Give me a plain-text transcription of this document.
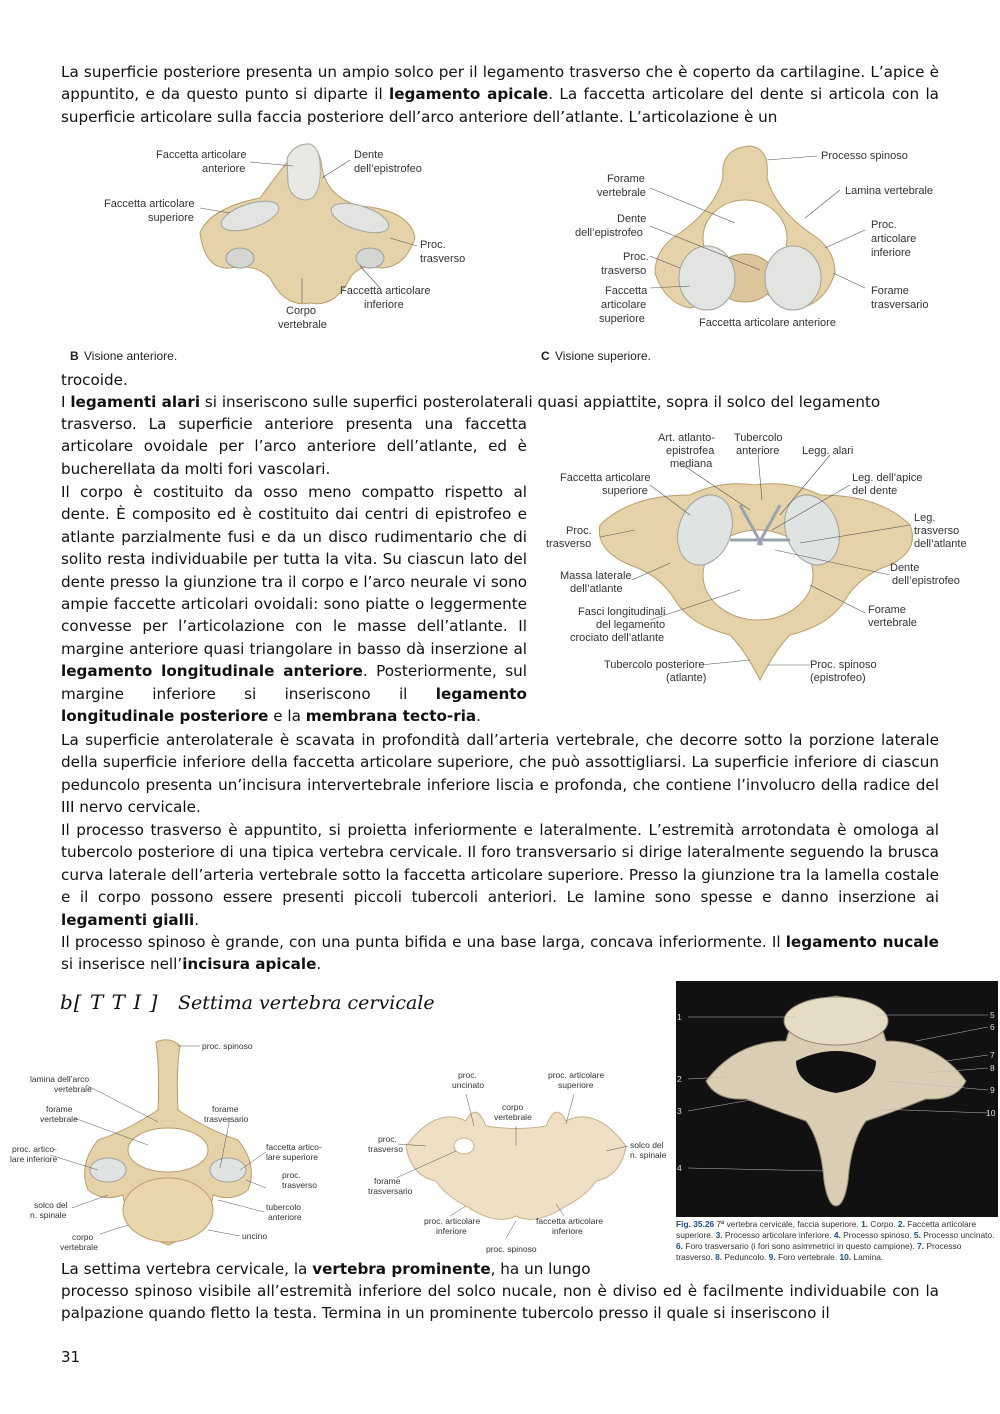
La superficie posteriore presenta un ampio solco per il legamento trasverso che è coperto da cartilagine. L’apice è appuntito, e da questo punto si diparte il legamento apicale. La faccetta articolare del dente si articola con la superficie articolare sulla faccia posteriore dell’arco anteriore dell’atlante. L’articolazione è un

Faccetta articolare
anteriore
Dente
dell’epistrofeo
Faccetta articolare
superiore
Proc.
trasverso
Faccetta articolare
inferiore
Corpo
vertebrale
B Visione anteriore.
Forame
vertebrale
Dente
dell’epistrofeo
Proc.
trasverso
Faccetta
articolare
superiore
Processo spinoso
Lamina vertebrale
Proc.
articolare
inferiore
Forame
trasversario
Faccetta articolare anteriore
C Visione superiore.

trocoide.

I legamenti alari si inseriscono sulle superfici posterolaterali quasi appiattite, sopra il solco del legamento

trasverso. La superficie anteriore presenta una faccetta articolare ovoidale per l’arco anteriore dell’atlante, ed è bucherellata da molti fori vascolari.

Il corpo è costituito da osso meno compatto rispetto al dente. È composito ed è costituito dai centri di epistrofeo e atlante parzialmente fusi e da un disco rudimentario che di solito resta individuabile per tutta la vita. Su ciascun lato del dente presso la giunzione tra il corpo e l’arco neurale vi sono ampie faccette articolari ovoidali: sono piatte o leggermente convesse per l’articolazione con le masse dell’atlante. Il margine anteriore quasi triangolare in basso dà inserzione al legamento longitudinale anteriore. Posteriormente, sul margine inferiore si inseriscono il legamento longitudinale posteriore e la membrana tecto-ria.

Art. atlanto-
epistrofea
mediana
Tubercolo
anteriore Legg. alari
Faccetta articolare
superiore
Leg. dell’apice
del dente
Leg.
trasverso
dell’atlante
Proc.
trasverso
Massa laterale
dell’atlante
Dente
dell’epistrofeo
Fasci longitudinali
del legamento
crociato dell’atlante
Forame
vertebrale
Tubercolo posteriore
(atlante)
Proc. spinoso
(epistrofeo)

La superficie anterolaterale è scavata in profondità dall’arteria vertebrale, che decorre sotto la porzione laterale della superficie inferiore della faccetta articolare superiore, che può assottigliarsi. La superficie inferiore di ciascun peduncolo presenta un’incisura intervertebrale inferiore liscia e profonda, che contiene l’involucro della radice del III nervo cervicale.

Il processo trasverso è appuntito, si proietta inferiormente e lateralmente. L’estremità arrotondata è omologa al tubercolo posteriore di una tipica vertebra cervicale. Il foro transversario si dirige lateralmente seguendo la brusca curva laterale dell’arteria vertebrale sotto la faccetta articolare superiore. Presso la giunzione tra la lamella costale e il corpo possono essere presenti piccoli tubercoli anteriori. Le lamine sono spesse e danno inserzione ai legamenti gialli.

Il processo spinoso è grande, con una punta bifida e una base larga, concava inferiormente. Il legamento nucale si inserisce nell’incisura apicale.

b[ T T I ] Settima vertebra cervicale
proc. spinoso
lamina dell’arco
vertebrale
forame
vertebrale
forame
trasversario
proc. artico-
lare inferiore
faccetta artico-
lare superiore
proc.
trasverso
tubercolo
anteriore
solco del
n. spinale
corpo
vertebrale
uncino
proc.
uncinato
proc. articolare
superiore
corpo
vertebrale
proc.
trasverso	solco del
n. spinale
forame
trasversario
proc. articolare
inferiore
faccetta articolare
inferiore
proc. spinoso
1
2
3
4
5
6
7
8
9
10
Fig. 35.26 7ª vertebra cervicale, faccia superiore. 1. Corpo. 2. Faccetta articolare superiore. 3. Processo articolare inferiore. 4. Processo spinoso. 5. Processo uncinato. 6. Foro trasversario (i fori sono asimmetrici in questo campione). 7. Processo trasverso. 8. Peduncolo. 9. Foro vertebrale. 10. Lamina.

La settima vertebra cervicale, la vertebra prominente, ha un lungo

processo spinoso visibile all’estremità inferiore del solco nucale, non è diviso ed è facilmente individuabile con la palpazione quando fletto la testa. Termina in un prominente tubercolo presso il quale si inseriscono il

31
